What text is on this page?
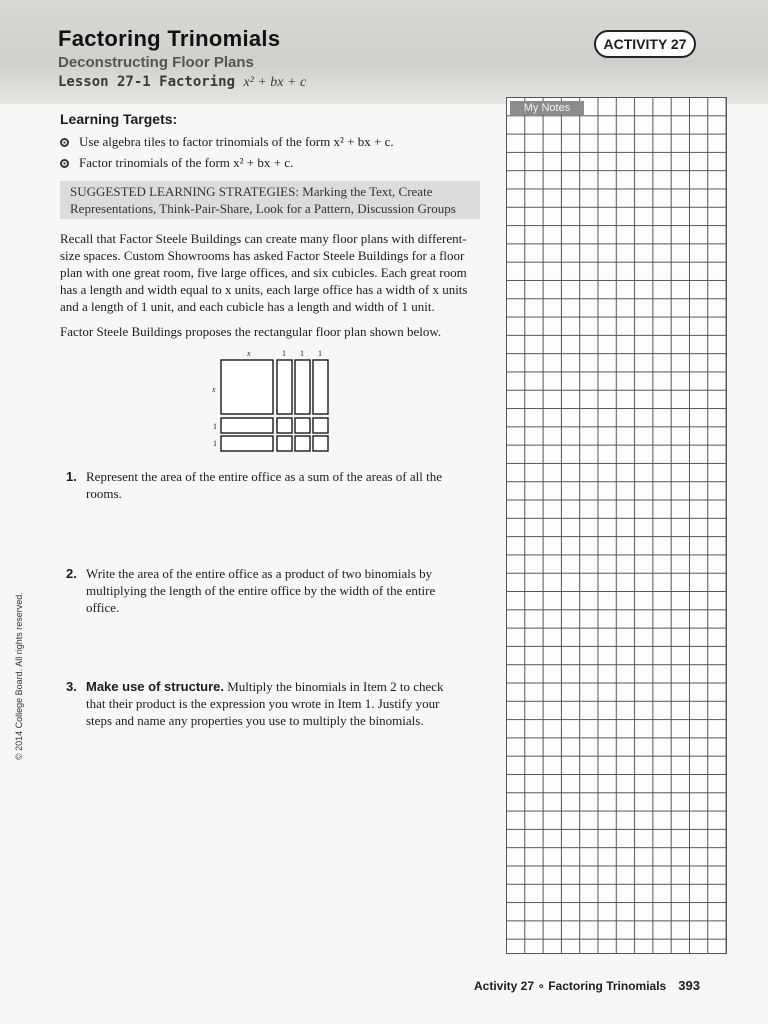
Factoring Trinomials
Deconstructing Floor Plans
Lesson 27-1 Factoring x² + bx + c
ACTIVITY 27
My Notes
Learning Targets:
Use algebra tiles to factor trinomials of the form x² + bx + c.
Factor trinomials of the form x² + bx + c.
SUGGESTED LEARNING STRATEGIES: Marking the Text, Create Representations, Think-Pair-Share, Look for a Pattern, Discussion Groups
Recall that Factor Steele Buildings can create many floor plans with different-size spaces. Custom Showrooms has asked Factor Steele Buildings for a floor plan with one great room, five large offices, and six cubicles. Each great room has a length and width equal to x units, each large office has a width of x units and a length of 1 unit, and each cubicle has a length and width of 1 unit.
Factor Steele Buildings proposes the rectangular floor plan shown below.
x	1 1 1
x
1
1
1. Represent the area of the entire office as a sum of the areas of all the rooms.
2. Write the area of the entire office as a product of two binomials by multiplying the length of the entire office by the width of the entire office.
3. Make use of structure. Multiply the binomials in Item 2 to check that their product is the expression you wrote in Item 1. Justify your steps and name any properties you use to multiply the binomials.
© 2014 College Board. All rights reserved.
Activity 27 ∘ Factoring Trinomials 393
